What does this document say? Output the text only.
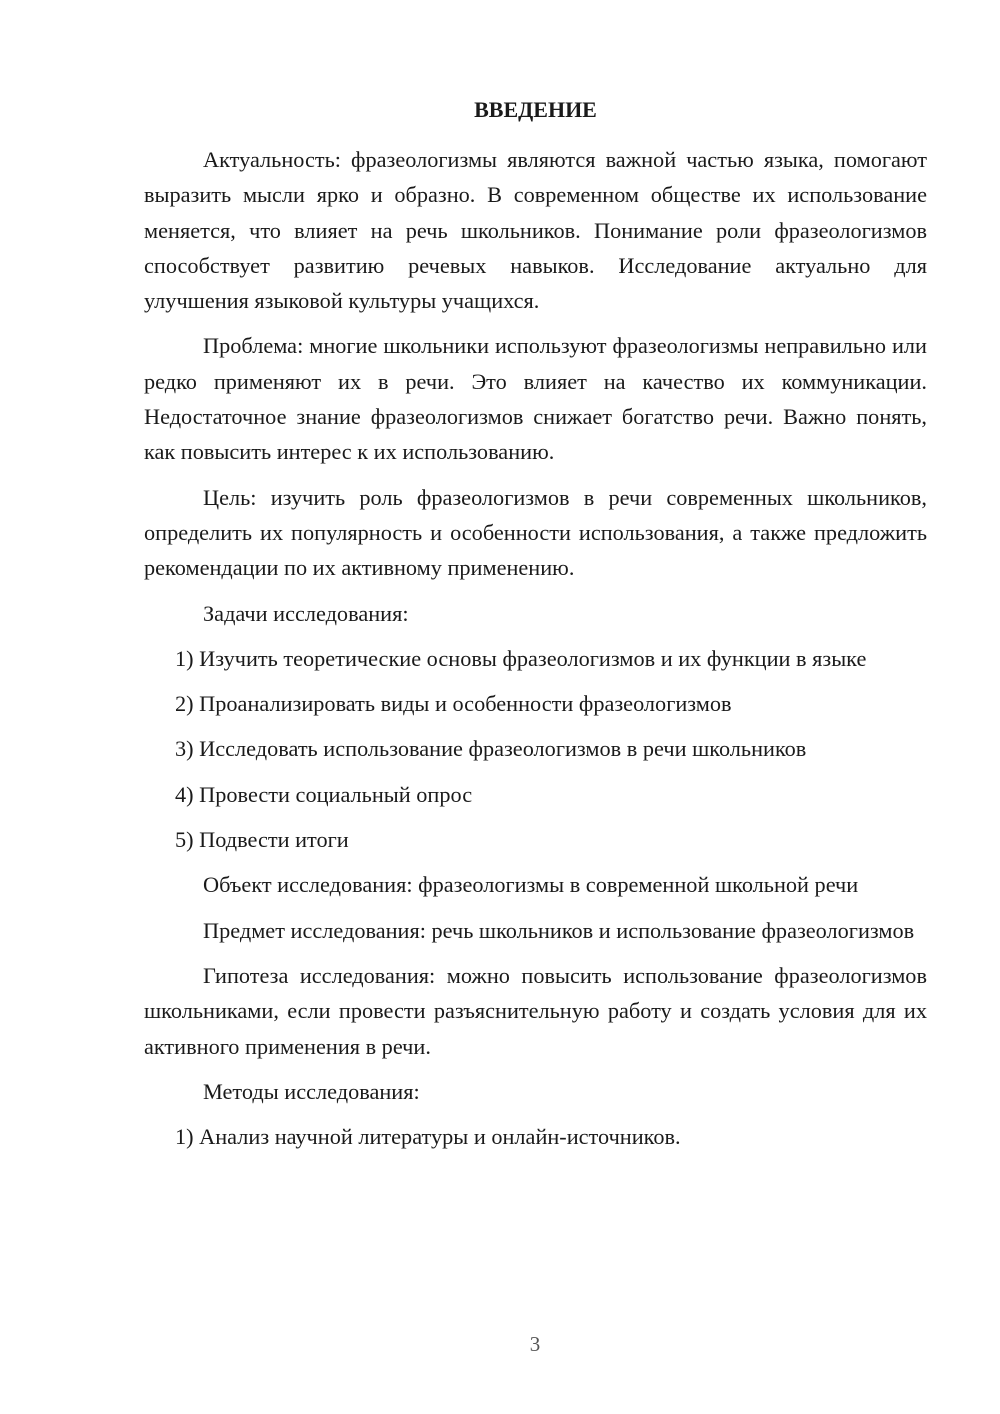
ВВЕДЕНИЕ

Актуальность: фразеологизмы являются важной частью языка, помогают выразить мысли ярко и образно. В современном обществе их использование меняется, что влияет на речь школьников. Понимание роли фразеологизмов способствует развитию речевых навыков. Исследование актуально для улучшения языковой культуры учащихся.

Проблема: многие школьники используют фразеологизмы неправильно или редко применяют их в речи. Это влияет на качество их коммуникации. Недостаточное знание фразеологизмов снижает богатство речи. Важно понять, как повысить интерес к их использованию.

Цель: изучить роль фразеологизмов в речи современных школьников, определить их популярность и особенности использования, а также предложить рекомендации по их активному применению.

Задачи исследования:

1) Изучить теоретические основы фразеологизмов и их функции в языке

2) Проанализировать виды и особенности фразеологизмов

3) Исследовать использование фразеологизмов в речи школьников

4) Провести социальный опрос

5) Подвести итоги

Объект исследования: фразеологизмы в современной школьной речи

Предмет исследования: речь школьников и использование фразеологизмов

Гипотеза исследования: можно повысить использование фразеологизмов школьниками, если провести разъяснительную работу и создать условия для их активного применения в речи.

Методы исследования:

1) Анализ научной литературы и онлайн-источников.

3
